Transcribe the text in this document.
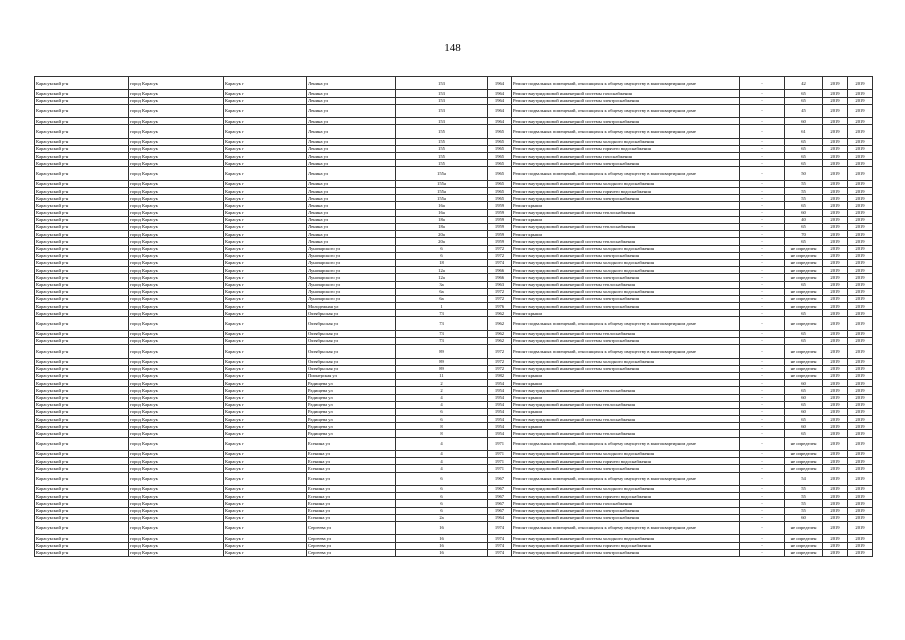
148
Карасукский р-н	город Карасук	Карасук г	Ленина ул	153	1964	Ремонт подвальных помещений, относящихся к общему имуществу в многоквартирном доме	-	42	2019	2019
Карасукский р-н	город Карасук	Карасук г	Ленина ул	153	1964	Ремонт внутридомовой инженерной системы газоснабжения	-	65	2019	2019
Карасукский р-н	город Карасук	Карасук г	Ленина ул	153	1964	Ремонт внутридомовой инженерной системы электроснабжения	-	65	2019	2019
Карасукский р-н	город Карасук	Карасук г	Ленина ул	153	1964	Ремонт подвальных помещений, относящихся к общему имуществу в многоквартирном доме	-	45	2019	2019
Карасукский р-н	город Карасук	Карасук г	Ленина ул	153	1964	Ремонт внутридомовой инженерной системы электроснабжения	-	60	2019	2019
Карасукский р-н	город Карасук	Карасук г	Ленина ул	155	1965	Ремонт подвальных помещений, относящихся к общему имуществу в многоквартирном доме	-	61	2019	2019
Карасукский р-н	город Карасук	Карасук г	Ленина ул	155	1965	Ремонт внутридомовой инженерной системы холодного водоснабжения	-	65	2019	2019
Карасукский р-н	город Карасук	Карасук г	Ленина ул	155	1965	Ремонт внутридомовой инженерной системы горячего водоснабжения	-	65	2019	2019
Карасукский р-н	город Карасук	Карасук г	Ленина ул	155	1965	Ремонт внутридомовой инженерной системы газоснабжения	-	65	2019	2019
Карасукский р-н	город Карасук	Карасук г	Ленина ул	155	1965	Ремонт внутридомовой инженерной системы электроснабжения	-	65	2019	2019
Карасукский р-н	город Карасук	Карасук г	Ленина ул	155а	1965	Ремонт подвальных помещений, относящихся к общему имуществу в многоквартирном доме	-	50	2019	2019
Карасукский р-н	город Карасук	Карасук г	Ленина ул	155а	1965	Ремонт внутридомовой инженерной системы холодного водоснабжения	-	55	2019	2019
Карасукский р-н	город Карасук	Карасук г	Ленина ул	155а	1965	Ремонт внутридомовой инженерной системы горячего водоснабжения	-	55	2019	2019
Карасукский р-н	город Карасук	Карасук г	Ленина ул	155а	1965	Ремонт внутридомовой инженерной системы электроснабжения	-	55	2019	2019
Карасукский р-н	город Карасук	Карасук г	Ленина ул	16а	1959	Ремонт крыши	-	65	2019	2019
Карасукский р-н	город Карасук	Карасук г	Ленина ул	16а	1959	Ремонт внутридомовой инженерной системы теплоснабжения	-	60	2019	2019
Карасукский р-н	город Карасук	Карасук г	Ленина ул	18а	1959	Ремонт крыши	-	40	2019	2019
Карасукский р-н	город Карасук	Карасук г	Ленина ул	18а	1959	Ремонт внутридомовой инженерной системы теплоснабжения	-	65	2019	2019
Карасукский р-н	город Карасук	Карасук г	Ленина ул	20а	1959	Ремонт крыши	-	70	2019	2019
Карасукский р-н	город Карасук	Карасук г	Ленина ул	20а	1959	Ремонт внутридомовой инженерной системы теплоснабжения	-	65	2019	2019
Карасукский р-н	город Карасук	Карасук г	Луначарского ул	6	1972	Ремонт внутридомовой инженерной системы холодного водоснабжения	-	не определен	2019	2019
Карасукский р-н	город Карасук	Карасук г	Луначарского ул	6	1972	Ремонт внутридомовой инженерной системы электроснабжения	-	не определен	2019	2019
Карасукский р-н	город Карасук	Карасук г	Луначарского ул	18	1974	Ремонт внутридомовой инженерной системы холодного водоснабжения	-	не определен	2019	2019
Карасукский р-н	город Карасук	Карасук г	Луначарского ул	12а	1966	Ремонт внутридомовой инженерной системы холодного водоснабжения	-	не определен	2019	2019
Карасукский р-н	город Карасук	Карасук г	Луначарского ул	12а	1966	Ремонт внутридомовой инженерной системы электроснабжения	-	не определен	2019	2019
Карасукский р-н	город Карасук	Карасук г	Луначарского ул	3а	1963	Ремонт внутридомовой инженерной системы теплоснабжения	-	65	2019	2019
Карасукский р-н	город Карасук	Карасук г	Луначарского ул	6а	1972	Ремонт внутридомовой инженерной системы холодного водоснабжения	-	не определен	2019	2019
Карасукский р-н	город Карасук	Карасук г	Луначарского ул	6а	1972	Ремонт внутридомовой инженерной системы электроснабжения	-	не определен	2019	2019
Карасукский р-н	город Карасук	Карасук г	Молодежная ул	1	1976	Ремонт внутридомовой инженерной системы электроснабжения	-	не определен	2019	2019
Карасукский р-н	город Карасук	Карасук г	Октябрьская ул	73	1962	Ремонт крыши	-	65	2019	2019
Карасукский р-н	город Карасук	Карасук г	Октябрьская ул	73	1962	Ремонт подвальных помещений, относящихся к общему имуществу в многоквартирном доме	-	не определен	2019	2019
Карасукский р-н	город Карасук	Карасук г	Октябрьская ул	73	1962	Ремонт внутридомовой инженерной системы теплоснабжения	-	65	2019	2019
Карасукский р-н	город Карасук	Карасук г	Октябрьская ул	73	1962	Ремонт внутридомовой инженерной системы электроснабжения	-	65	2019	2019
Карасукский р-н	город Карасук	Карасук г	Октябрьская ул	89	1972	Ремонт подвальных помещений, относящихся к общему имуществу в многоквартирном доме	-	не определен	2019	2019
Карасукский р-н	город Карасук	Карасук г	Октябрьская ул	89	1972	Ремонт внутридомовой инженерной системы холодного водоснабжения	-	не определен	2019	2019
Карасукский р-н	город Карасук	Карасук г	Октябрьская ул	89	1972	Ремонт внутридомовой инженерной системы электроснабжения	-	не определен	2019	2019
Карасукский р-н	город Карасук	Карасук г	Пионерская ул	11	1982	Ремонт крыши	-	не определен	2019	2019
Карасукский р-н	город Карасук	Карасук г	Радищева ул	2	1954	Ремонт крыши	-	60	2019	2019
Карасукский р-н	город Карасук	Карасук г	Радищева ул	2	1954	Ремонт внутридомовой инженерной системы теплоснабжения	-	65	2019	2019
Карасукский р-н	город Карасук	Карасук г	Радищева ул	4	1954	Ремонт крыши	-	60	2019	2019
Карасукский р-н	город Карасук	Карасук г	Радищева ул	4	1954	Ремонт внутридомовой инженерной системы теплоснабжения	-	65	2019	2019
Карасукский р-н	город Карасук	Карасук г	Радищева ул	6	1954	Ремонт крыши	-	60	2019	2019
Карасукский р-н	город Карасук	Карасук г	Радищева ул	6	1954	Ремонт внутридомовой инженерной системы теплоснабжения	-	65	2019	2019
Карасукский р-н	город Карасук	Карасук г	Радищева ул	8	1954	Ремонт крыши	-	60	2019	2019
Карасукский р-н	город Карасук	Карасук г	Радищева ул	8	1954	Ремонт внутридомовой инженерной системы теплоснабжения	-	65	2019	2019
Карасукский р-н	город Карасук	Карасук г	Есенина ул	4	1971	Ремонт подвальных помещений, относящихся к общему имуществу в многоквартирном доме	-	не определен	2019	2019
Карасукский р-н	город Карасук	Карасук г	Есенина ул	4	1971	Ремонт внутридомовой инженерной системы холодного водоснабжения	-	не определен	2019	2019
Карасукский р-н	город Карасук	Карасук г	Есенина ул	4	1971	Ремонт внутридомовой инженерной системы горячего водоснабжения	-	не определен	2019	2019
Карасукский р-н	город Карасук	Карасук г	Есенина ул	4	1971	Ремонт внутридомовой инженерной системы электроснабжения	-	не определен	2019	2019
Карасукский р-н	город Карасук	Карасук г	Есенина ул	6	1967	Ремонт подвальных помещений, относящихся к общему имуществу в многоквартирном доме	-	54	2019	2019
Карасукский р-н	город Карасук	Карасук г	Есенина ул	6	1967	Ремонт внутридомовой инженерной системы холодного водоснабжения	-	55	2019	2019
Карасукский р-н	город Карасук	Карасук г	Есенина ул	6	1967	Ремонт внутридомовой инженерной системы горячего водоснабжения	-	55	2019	2019
Карасукский р-н	город Карасук	Карасук г	Есенина ул	6	1967	Ремонт внутридомовой инженерной системы газоснабжения	-	55	2019	2019
Карасукский р-н	город Карасук	Карасук г	Есенина ул	6	1967	Ремонт внутридомовой инженерной системы электроснабжения	-	55	2019	2019
Карасукский р-н	город Карасук	Карасук г	Есенина ул	2а	1964	Ремонт внутридомовой инженерной системы электроснабжения	-	60	2019	2019
Карасукский р-н	город Карасук	Карасук г	Сергеева ул	16	1974	Ремонт подвальных помещений, относящихся к общему имуществу в многоквартирном доме	-	не определен	2019	2019
Карасукский р-н	город Карасук	Карасук г	Сергеева ул	16	1974	Ремонт внутридомовой инженерной системы холодного водоснабжения	-	не определен	2019	2019
Карасукский р-н	город Карасук	Карасук г	Сергеева ул	16	1974	Ремонт внутридомовой инженерной системы горячего водоснабжения	-	не определен	2019	2019
Карасукский р-н	город Карасук	Карасук г	Сергеева ул	16	1974	Ремонт внутридомовой инженерной системы электроснабжения	-	не определен	2019	2019
